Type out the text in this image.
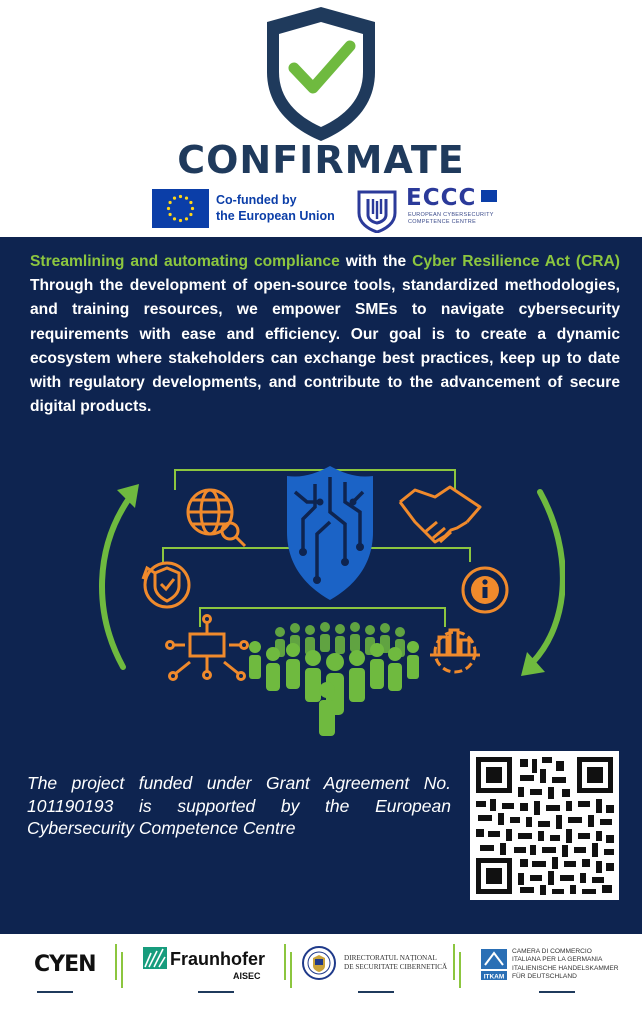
CONFIRMATE
Co-funded by
the European Union
ECCC
EUROPEAN CYBERSECURITY
COMPETENCE CENTRE

Streamlining and automating compliance with the Cyber Resilience Act (CRA) Through the development of open-source tools, standardized methodologies, and training resources, we empower SMEs to navigate cybersecurity requirements with ease and efficiency. Our goal is to create a dynamic ecosystem where stakeholders can exchange best practices, keep up to date with regulatory developments, and contribute to the advancement of secure digital products.

The project funded under Grant Agreement No. 101190193 is supported by the European Cybersecurity Competence Centre

CYEN	Fraunhofer
AISEC
DIRECTORATUL NAȚIONAL
DE SECURITATE CIBERNETICĂ
ITKAM
CAMERA DI COMMERCIO
ITALIANA PER LA GERMANIA
ITALIENISCHE HANDELSKAMMER
FÜR DEUTSCHLAND
